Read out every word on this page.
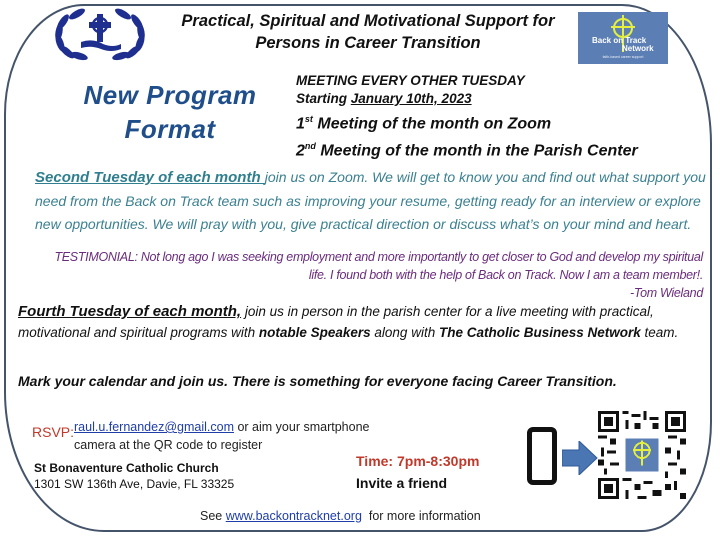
Practical, Spiritual and Motivational Support for
Persons in Career Transition	Back on Track
Network
faith-based career support
New Program
Format
MEETING EVERY OTHER TUESDAY
Starting January 10th, 2023
1st Meeting of the month on Zoom
2nd Meeting of the month in the Parish Center
Second Tuesday of each month join us on Zoom. We will get to know you and find out what support you need from the Back on Track team such as improving your resume, getting ready for an interview or explore new opportunities. We will pray with you, give practical direction or discuss what’s on your mind and heart.
TESTIMONIAL: Not long ago I was seeking employment and more importantly to get closer to God and develop my spiritual life. I found both with the help of Back on Track. Now I am a team member!.
-Tom Wieland
Fourth Tuesday of each month, join us in person in the parish center for a live meeting with practical, motivational and spiritual programs with notable Speakers along with The Catholic Business Network team.
Mark your calendar and join us. There is something for everyone facing Career Transition.
RSVP: raul.u.fernandez@gmail.com or aim your smartphone
camera at the QR code to register
St Bonaventure Catholic Church
1301 SW 136th Ave, Davie, FL 33325
Time: 7pm-8:30pm
Invite a friend
See www.backontracknet.org  for more information
